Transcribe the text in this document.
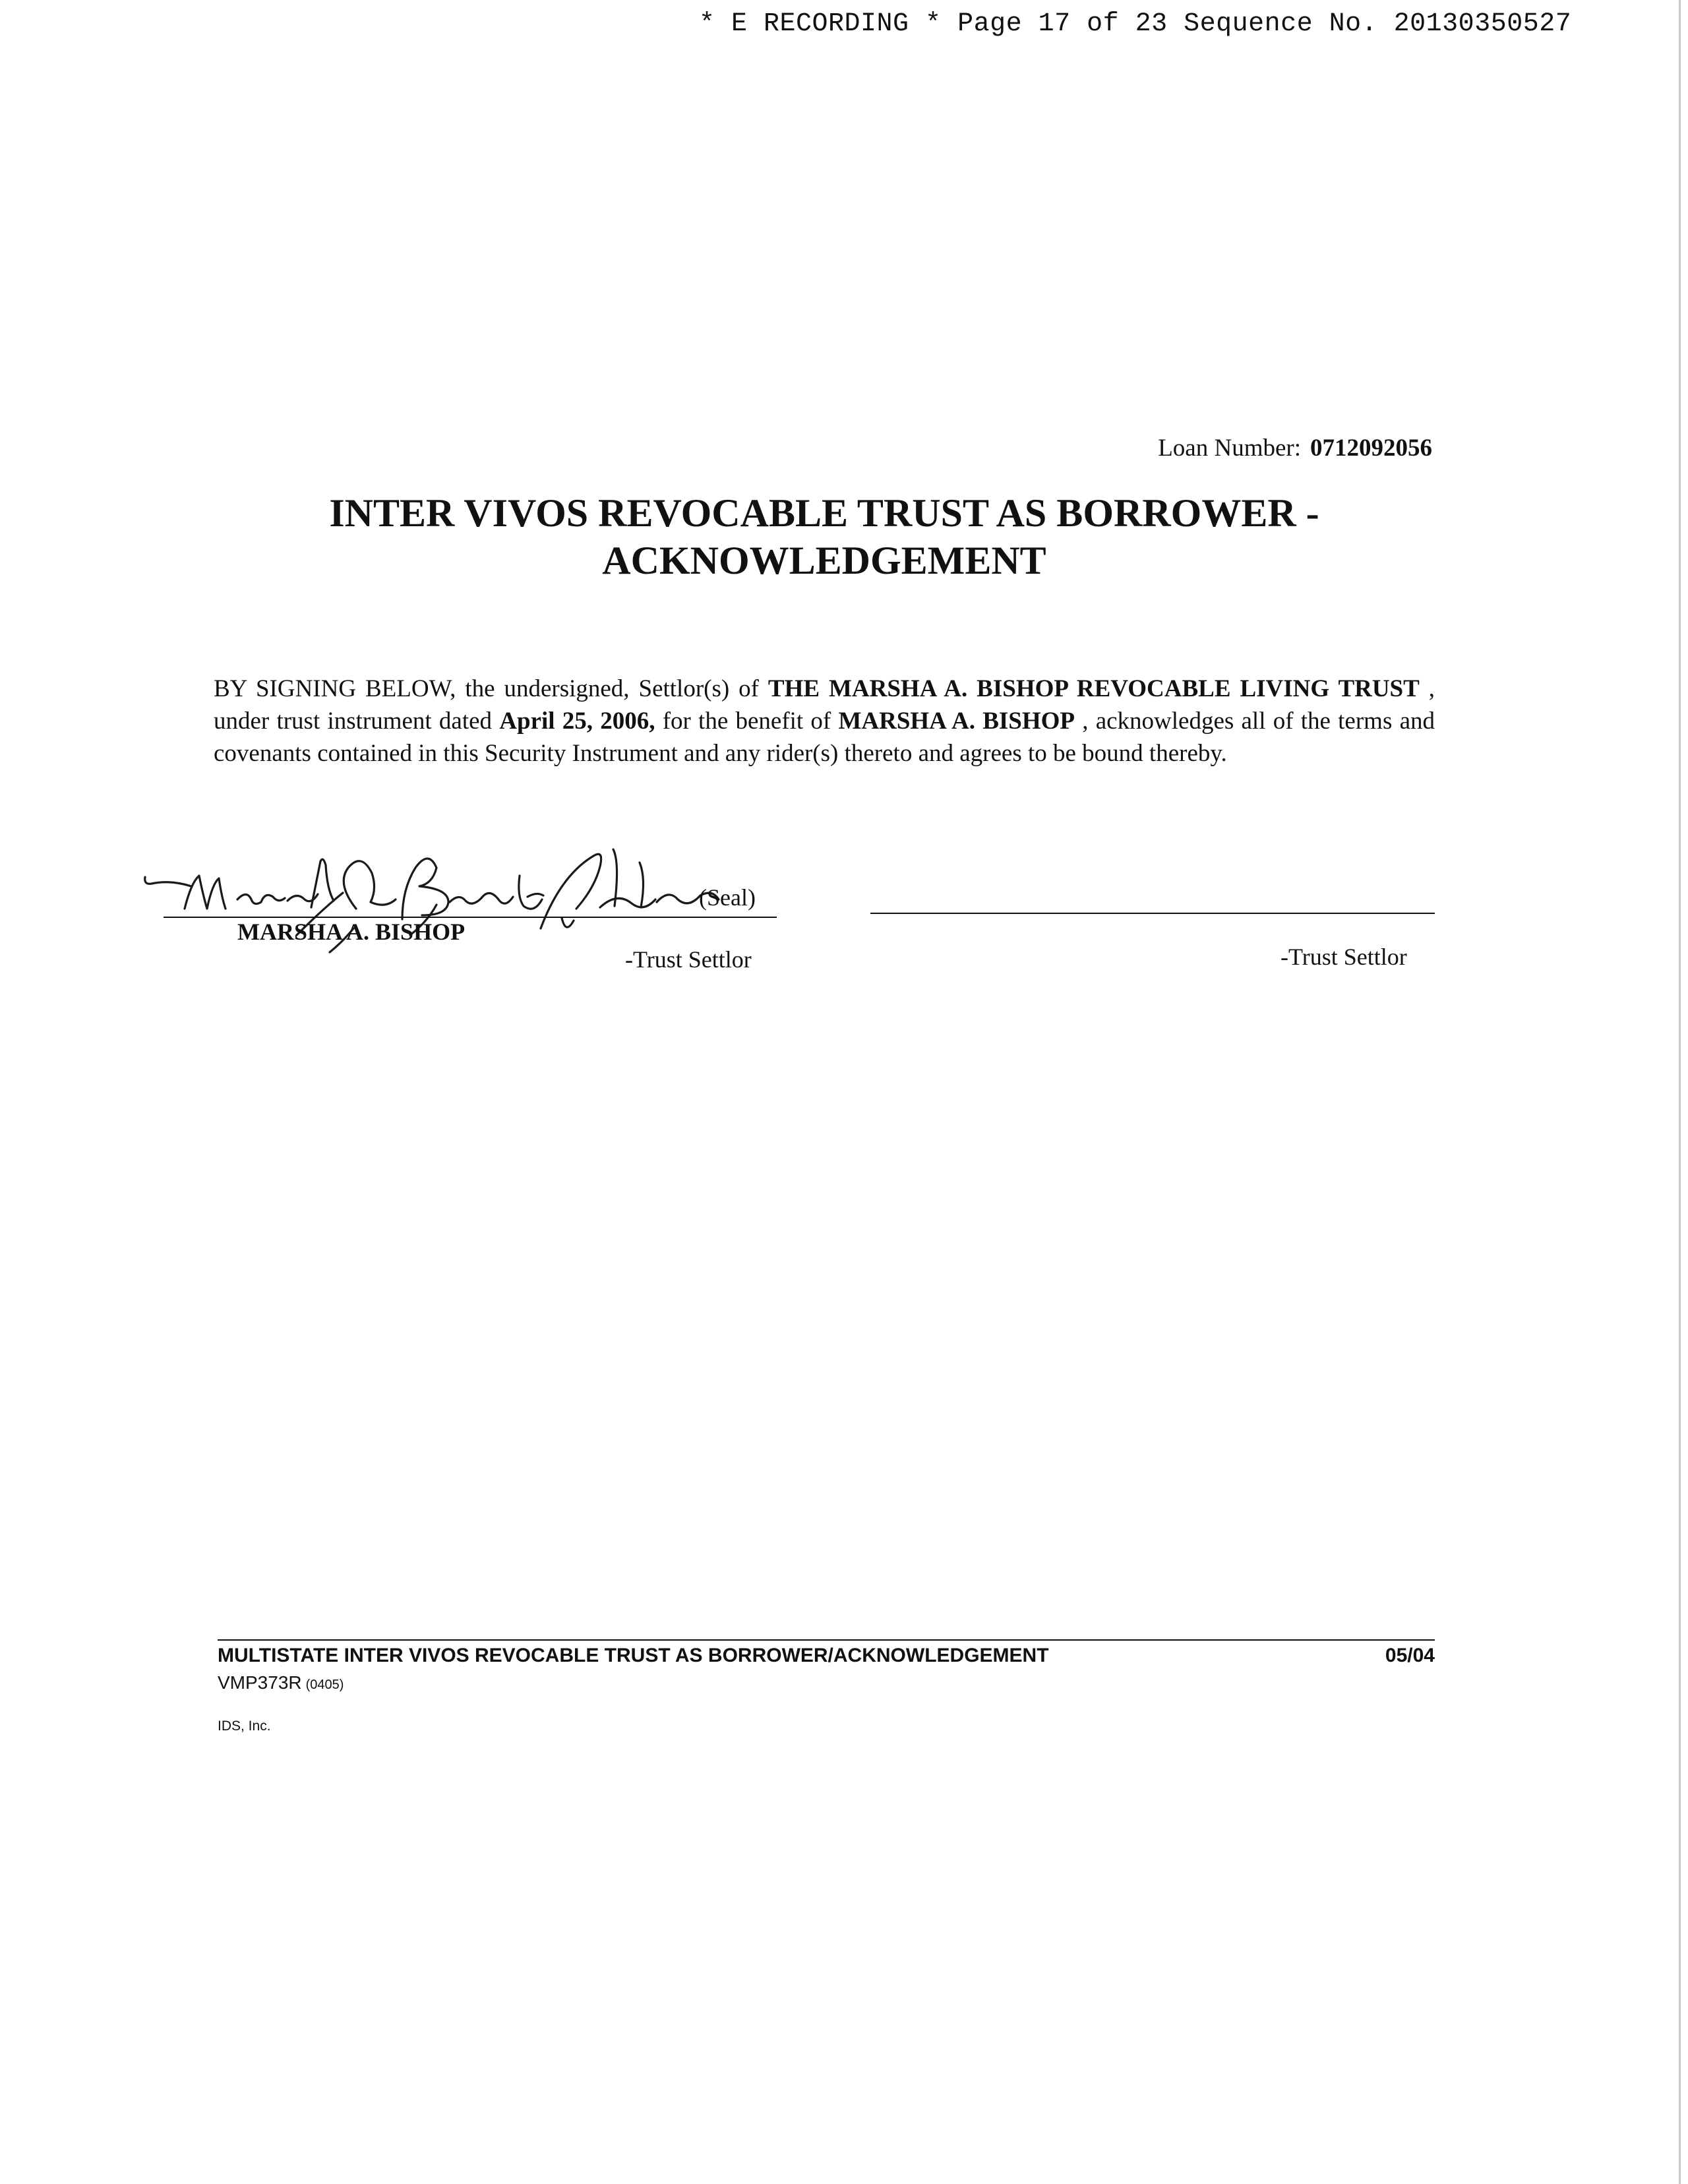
* E RECORDING * Page 17 of 23 Sequence No. 20130350527
Loan Number: 0712092056
INTER VIVOS REVOCABLE TRUST AS BORROWER -
ACKNOWLEDGEMENT
BY SIGNING BELOW, the undersigned, Settlor(s) of THE MARSHA A. BISHOP REVOCABLE LIVING TRUST , under trust instrument dated April 25, 2006, for the benefit of MARSHA A. BISHOP , acknowledges all of the terms and covenants contained in this Security Instrument and any rider(s) thereto and agrees to be bound thereby.
(Seal)
MARSHA A. BISHOP
-Trust Settlor	-Trust Settlor
MULTISTATE INTER VIVOS REVOCABLE TRUST AS BORROWER/ACKNOWLEDGEMENT	05/04
VMP373R (0405)
IDS, Inc.
